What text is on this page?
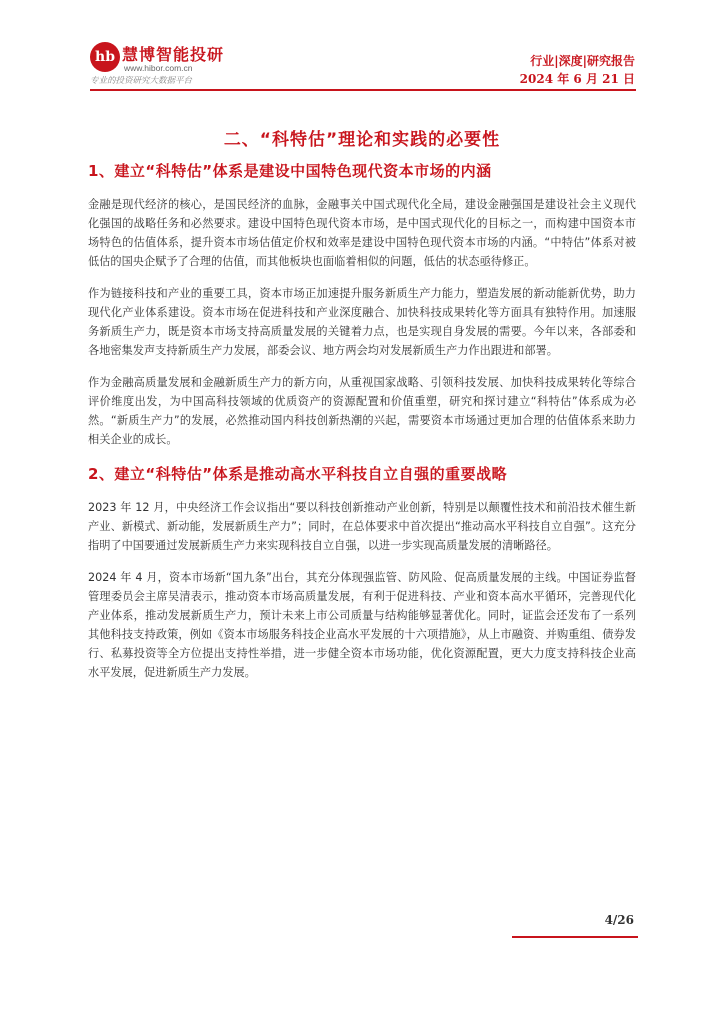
hb 慧博智能投研
www.hibor.com.cn
专业的投资研究大数据平台
行业|深度|研究报告
2024 年 6 月 21 日
二、“科特估”理论和实践的必要性
1、建立“科特估”体系是建设中国特色现代资本市场的内涵

金融是现代经济的核心，是国民经济的血脉，金融事关中国式现代化全局，建设金融强国是建设社会主义现代化强国的战略任务和必然要求。建设中国特色现代资本市场，是中国式现代化的目标之一，而构建中国资本市场特色的估值体系，提升资本市场估值定价权和效率是建设中国特色现代资本市场的内涵。“中特估”体系对被低估的国央企赋予了合理的估值，而其他板块也面临着相似的问题，低估的状态亟待修正。

作为链接科技和产业的重要工具，资本市场正加速提升服务新质生产力能力，塑造发展的新动能新优势，助力现代化产业体系建设。资本市场在促进科技和产业深度融合、加快科技成果转化等方面具有独特作用。加速服务新质生产力，既是资本市场支持高质量发展的关键着力点，也是实现自身发展的需要。今年以来，各部委和各地密集发声支持新质生产力发展，部委会议、地方两会均对发展新质生产力作出跟进和部署。

作为金融高质量发展和金融新质生产力的新方向，从重视国家战略、引领科技发展、加快科技成果转化等综合评价维度出发，为中国高科技领域的优质资产的资源配置和价值重塑，研究和探讨建立“科特估”体系成为必然。“新质生产力”的发展，必然推动国内科技创新热潮的兴起，需要资本市场通过更加合理的估值体系来助力相关企业的成长。

2、建立“科特估”体系是推动高水平科技自立自强的重要战略

2023 年 12 月，中央经济工作会议指出“要以科技创新推动产业创新，特别是以颠覆性技术和前沿技术催生新产业、新模式、新动能，发展新质生产力”；同时，在总体要求中首次提出“推动高水平科技自立自强”。这充分指明了中国要通过发展新质生产力来实现科技自立自强，以进一步实现高质量发展的清晰路径。

2024 年 4 月，资本市场新“国九条”出台，其充分体现强监管、防风险、促高质量发展的主线。中国证券监督管理委员会主席吴清表示，推动资本市场高质量发展，有利于促进科技、产业和资本高水平循环，完善现代化产业体系，推动发展新质生产力，预计未来上市公司质量与结构能够显著优化。同时，证监会还发布了一系列其他科技支持政策，例如《资本市场服务科技企业高水平发展的十六项措施》，从上市融资、并购重组、债券发行、私募投资等全方位提出支持性举措，进一步健全资本市场功能，优化资源配置，更大力度支持科技企业高水平发展，促进新质生产力发展。

4/26
